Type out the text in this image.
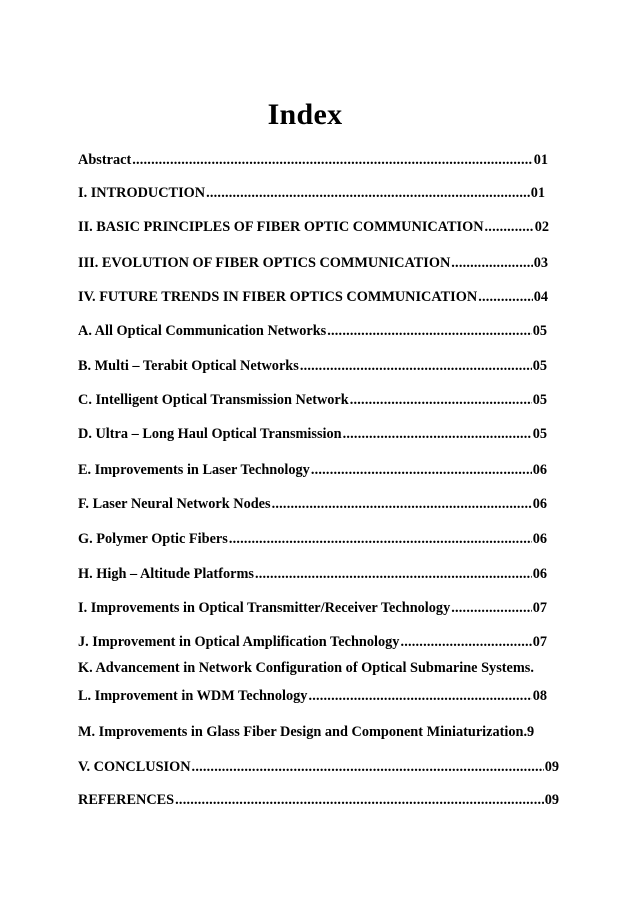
Index
Abstract .....	01
I. INTRODUCTION .....	01
II. BASIC PRINCIPLES OF FIBER OPTIC COMMUNICATION .....	02
III. EVOLUTION OF FIBER OPTICS COMMUNICATION .....	03
IV. FUTURE TRENDS IN FIBER OPTICS COMMUNICATION .....	04
A. All Optical Communication Networks .....	05
B. Multi – Terabit Optical Networks .....	05
C. Intelligent Optical Transmission Network .....	05
D. Ultra – Long Haul Optical Transmission .....	05
E. Improvements in Laser Technology .....	06
F. Laser Neural Network Nodes .....	06
G. Polymer Optic Fibers .....	06
H. High – Altitude Platforms .....	06
I. Improvements in Optical Transmitter/Receiver Technology .....	07
J. Improvement in Optical Amplification Technology .....	07
K. Advancement in Network Configuration of Optical Submarine Systems.
L. Improvement in WDM Technology .....	08
M. Improvements in Glass Fiber Design and Component Miniaturization. 9
V. CONCLUSION .....	09
REFERENCES .....	09
